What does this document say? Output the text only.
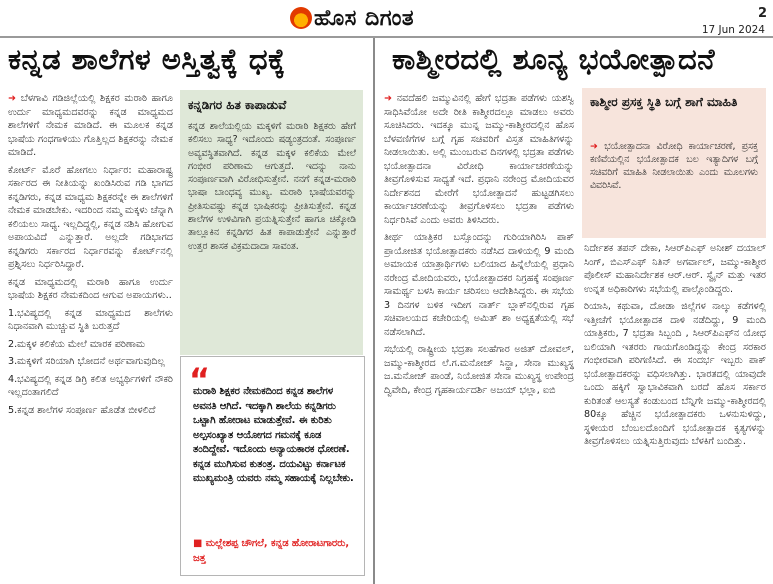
ಹೊಸ ದಿಗಂತ	2
17 Jun 2024
ಕನ್ನಡ ಶಾಲೆಗಳ ಅಸ್ತಿತ್ವಕ್ಕೆ ಧಕ್ಕೆ

➜ ಬೆಳಗಾವಿ ಗಡಿಜಿಲ್ಲೆಯಲ್ಲಿ ಶಿಕ್ಷಕರ ಮರಾಠಿ ಹಾಗೂ ಉರ್ದು ಮಾಧ್ಯಮದವರನ್ನು ಕನ್ನಡ ಮಾಧ್ಯಮದ ಶಾಲೆಗಳಿಗೆ ನೇಮಕ ಮಾಡಿದೆ. ಈ ಮೂಲಕ ಕನ್ನಡ ಭಾಷೆಯ ಗಂಧಗಾಳಿಯು ಗೊತ್ತಿಲ್ಲದ ಶಿಕ್ಷಕರನ್ನು ನೇಮಕ ಮಾಡಿದೆ.

ಕೋರ್ಟ್ ಮೊರೆ ಹೋಗಲು ನಿರ್ಧಾರ: ಮಹಾರಾಷ್ಟ್ರ ಸರ್ಕಾರದ ಈ ನೀತಿಯನ್ನು ಖಂಡಿಸಿರುವ ಗಡಿ ಭಾಗದ ಕನ್ನಡಿಗರು, ಕನ್ನಡ ಮಾಧ್ಯಮ ಶಿಕ್ಷಕರನ್ನೇ ಈ ಶಾಲೆಗಳಿಗೆ ನೇಮಕ ಮಾಡಬೇಕು. ಇದರಿಂದ ನಮ್ಮ ಮಕ್ಕಳು ಚೆನ್ನಾಗಿ ಕಲಿಯಲು ಸಾಧ್ಯ. ಇಲ್ಲದಿದ್ದಲ್ಲಿ, ಕನ್ನಡ ನಶಿಸಿ ಹೋಗುವ ಅಪಾಯವಿದೆ ಎನ್ನುತ್ತಾರೆ. ಅಲ್ಲದೇ ಗಡಿಭಾಗದ ಕನ್ನಡಿಗರು ಸರ್ಕಾರದ ನಿರ್ಧಾರವನ್ನು ಕೋರ್ಟ್‌ನಲ್ಲಿ ಪ್ರಶ್ನಿಸಲು ನಿರ್ಧರಿಸಿದ್ದಾರೆ.

ಕನ್ನಡ ಮಾಧ್ಯಮದಲ್ಲಿ ಮರಾಠಿ ಹಾಗೂ ಉರ್ದು ಭಾಷೆಯ ಶಿಕ್ಷಕರ ನೇಮಕದಿಂದ ಆಗುವ ಅಪಾಯಗಳು..

1.ಭವಿಷ್ಯದಲ್ಲಿ ಕನ್ನಡ ಮಾಧ್ಯಮದ ಶಾಲೆಗಳು ನಿಧಾನವಾಗಿ ಮುಚ್ಚುವ ಸ್ಥಿತಿ ಬರುತ್ತದೆ

2.ಮಕ್ಕಳ ಕಲಿಕೆಯ ಮೇಲೆ ಮಾರಕ ಪರಿಣಾಮ

3.ಮಕ್ಕಳಿಗೆ ಸರಿಯಾಗಿ ಭೋದನೆ ಅರ್ಥವಾಗುವುದಿಲ್ಲ

4.ಭವಿಷ್ಯದಲ್ಲಿ ಕನ್ನಡ ಡಿಗ್ರಿ ಕಲಿತ ಅಭ್ಯರ್ಥಿಗಳಿಗೆ ನೌಕರಿ ಇಲ್ಲದಂತಾಗಲಿದೆ

5.ಕನ್ನಡ ಶಾಲೆಗಳ ಸಂಪೂರ್ಣ ಹೊಡೆತ ಬೀಳಲಿದೆ

ಕನ್ನಡಿಗರ ಹಿತ ಕಾಪಾಡುವೆ
ಕನ್ನಡ ಶಾಲೆಯಲ್ಲಿಯ ಮಕ್ಕಳಿಗೆ ಮರಾಠಿ ಶಿಕ್ಷಕರು ಹೇಗೆ ಕಲಿಸಲು ಸಾಧ್ಯ? ಇದೊಂದು ಷಡ್ಯಂತ್ರದಂತೆ. ಸಂಪೂರ್ಣ ಅವ್ಯವಸ್ಥಿತವಾಗಿದೆ. ಕನ್ನಡ ಮಕ್ಕಳ ಕಲಿಕೆಯ ಮೇಲೆ ಗಂಭೀರ ಪರಿಣಾಮ ಆಗುತ್ತದೆ. ಇದನ್ನು ನಾನು ಸಂಪೂರ್ಣವಾಗಿ ವಿರೋಧಿಸುತ್ತೇನೆ. ನನಗೆ ಕನ್ನಡ-ಮರಾಠಿ ಭಾಷಾ ಬಾಂಧವ್ಯ ಮುಖ್ಯ. ಮರಾಠಿ ಭಾಷೆಯವರನ್ನು ಪ್ರೀತಿಸುವಷ್ಟು ಕನ್ನಡ ಭಾಷಿಕರನ್ನು ಪ್ರೀತಿಸುತ್ತೇನೆ. ಕನ್ನಡ ಶಾಲೆಗಳ ಉಳಿವಿಗಾಗಿ ಪ್ರಯತ್ನಿಸುತ್ತೇನೆ ಹಾಗೂ ಚಿಕ್ಕೋಡಿ ತಾಲ್ಲೂಕಿನ ಕನ್ನಡಿಗರ ಹಿತ ಕಾಪಾಡುತ್ತೇನೆ ಎನ್ನುತ್ತಾರೆ ಉತ್ತರ ಶಾಸಕ ವಿಕ್ರಮದಾದಾ ಸಾವಂತ.
“
ಮರಾಠಿ ಶಿಕ್ಷಕರ ನೇಮಕದಿಂದ ಕನ್ನಡ ಶಾಲೆಗಳ ಅವನತಿ ಆಗಿದೆ. ಇದಕ್ಕಾಗಿ ಶಾಲೆಯ ಕನ್ನಡಿಗರು ಒಟ್ಟಾಗಿ ಹೋರಾಟ ಮಾಡುತ್ತೇವೆ. ಈ ಕುರಿತು ಅಲ್ಪಸಂಖ್ಯಾತ ಆಯೋಗದ ಗಮನಕ್ಕೆ ಕೂಡ ತಂದಿದ್ದೇವೆ. ಇದೊಂದು ಅನ್ಯಾಯಕಾರಕ ಧೋರಣೆ. ಕನ್ನಡ ಮುಗಿಸುವ ಕುತಂತ್ರ. ದಯವಿಟ್ಟು ಕರ್ನಾಟಕ ಮುಖ್ಯಮಂತ್ರಿ ಯವರು ನಮ್ಮ ಸಹಾಯಕ್ಕೆ ನಿಲ್ಲಬೇಕು.
■ ಮಲ್ಲೇಶಪ್ಪ ಚೌಗಲೆ, ಕನ್ನಡ ಹೋರಾಟಗಾರರು, ಜತ್ತ
ಕಾಶ್ಮೀರದಲ್ಲಿ ಶೂನ್ಯ ಭಯೋತ್ಪಾದನೆ

➜ ನವದೆಹಲಿ ಜಮ್ಮುವಿನಲ್ಲಿ ಹೇಗೆ ಭದ್ರತಾ ಪಡೆಗಳು ಯಶಸ್ವಿ ಸಾಧಿಸಿವೆಯೋ ಅದೇ ರೀತಿ ಕಾಶ್ಮೀರದಲ್ಲೂ ಮಾಡಲು ಅವರು ಸೂಚಿಸಿದರು. ಇದಕ್ಕೂ ಮುನ್ನ ಜಮ್ಮು-ಕಾಶ್ಮೀರದಲ್ಲಿನ ಹೊಸ ಬೆಳವಣಿಗೆಗಳ ಬಗ್ಗೆ ಗೃಹ ಸಚಿವರಿಗೆ ವಿಸ್ತತ ಮಾಹಿತಿಗಳನ್ನು ನೀಡಲಾಯಿತು. ಅಲ್ಲಿ ಮುಂಬರುವ ದಿನಗಳಲ್ಲಿ ಭದ್ರತಾ ಪಡೆಗಳು ಭಯೋತ್ಪಾದನಾ ವಿರೋಧಿ ಕಾರ್ಯಾಚರಣೆಯನ್ನು ತೀವ್ರಗೊಳಿಸುವ ಸಾಧ್ಯತೆ ಇದೆ. ಪ್ರಧಾನಿ ನರೇಂದ್ರ ಮೋದಿಯವರ ನಿರ್ದೇಶನದ ಮೇರೆಗೆ ಭಯೋತ್ಪಾದನೆ ಹುಟ್ಟಡಗಿಸಲು ಕಾರ್ಯಾಚರಣೆಯನ್ನು ತೀವ್ರಗೊಳಿಸಲು ಭದ್ರತಾ ಪಡೆಗಳು ನಿರ್ಧರಿಸಿವೆ ಎಂದು ಅವರು ತಿಳಿಸಿದರು.

ತೀರ್ಥ ಯಾತ್ರಿಕರ ಬಸ್ಸೊಂದನ್ನು ಗುರಿಯಾಗಿರಿಸಿ ಪಾಕ್ ಪ್ರಾಯೋಜಿತ ಭಯೋತ್ಪಾದಕರು ನಡೆಸಿದ ದಾಳಿಯಲ್ಲಿ 9 ಮಂದಿ ಅಮಾಯಕ ಯಾತ್ರಾರ್ಥಿಗಳು ಬಲಿಯಾದ ಹಿನ್ನೆಲೆಯಲ್ಲಿ ಪ್ರಧಾನಿ ನರೇಂದ್ರ ಮೋದಿಯವರು, ಭಯೋತ್ಪಾದಕರ ನಿಗ್ರಹಕ್ಕೆ ಸಂಪೂರ್ಣ ಸಾಮರ್ಥ್ಯ ಬಳಸಿ ಕಾರ್ಯ ಚರಿಸಲು ಆದೇಶಿಸಿದ್ದರು. ಈ ಸಭೆಯ 3 ದಿನಗಳ ಬಳಿಕ ಇದೀಗ ನಾರ್ತ್ ಬ್ಲಾಕ್‌ನಲ್ಲಿರುವ ಗೃಹ ಸಚಿವಾಲಯದ ಕಚೇರಿಯಲ್ಲಿ ಅಮಿತ್ ಶಾ ಅಧ್ಯಕ್ಷತೆಯಲ್ಲಿ ಸಭೆ ನಡೆಸಲಾಗಿದೆ.

ಸಭೆಯಲ್ಲಿ ರಾಷ್ಟ್ರೀಯ ಭದ್ರತಾ ಸಲಹೆಗಾರ ಅಜಿತ್ ದೋವಲ್, ಜಮ್ಮು-ಕಾಶ್ಮೀರದ ಲೆ.ಗ.ಮನೋಜ್ ಸಿನ್ಹಾ, ಸೇನಾ ಮುಖ್ಯಸ್ಥ ಜ.ಮನೋಜ್ ಪಾಂಡೆ, ನಿಯೋಜಿತ ಸೇನಾ ಮುಖ್ಯಸ್ಥ ಉಪೇಂದ್ರ ದ್ವಿವೇದಿ, ಕೇಂದ್ರ ಗೃಹಕಾರ್ಯದರ್ಶಿ ಅಜಯ್ ಭಲ್ಲಾ, ಐಬಿ

ಕಾಶ್ಮೀರ ಪ್ರಸಕ್ತ ಸ್ಥಿತಿ ಬಗ್ಗೆ ಶಾಗೆ ಮಾಹಿತಿ
➜ ಭಯೋತ್ಪಾದನಾ ವಿರೋಧಿ ಕಾರ್ಯಾಚರಣೆ, ಪ್ರಸಕ್ತ ಕಣಿವೆಯಲ್ಲಿನ ಭಯೋತ್ಪಾದಕ ಬಲ ಇತ್ಯಾದಿಗಳ ಬಗ್ಗೆ ಸಚಿವರಿಗೆ ಮಾಹಿತಿ ನೀಡಲಾಯಿತು ಎಂದು ಮೂಲಗಳು ವಿವರಿಸಿವೆ.

ನಿರ್ದೇಶಕ ತಪನ್ ದೇಕಾ, ಸಿಆರ್‌ಪಿಎಫ್ ಅನೀಶ್ ದಯಾಲ್ ಸಿಂಗ್, ಬಿಎಸ್‌ಎಫ್ ನಿತಿನ್ ಅಗರ್ವಾಲ್, ಜಮ್ಮು-ಕಾಶ್ಮೀರ ಪೊಲೀಸ್ ಮಹಾನಿರ್ದೇಶಕ ಆರ್.ಆರ್. ಸ್ವೈನ್ ಮತ್ತು ಇತರ ಉನ್ನತ ಅಧಿಕಾರಿಗಳು ಸಭೆಯಲ್ಲಿ ಪಾಲ್ಗೊಂಡಿದ್ದರು.

ರಿಯಾಸಿ, ಕಥುವಾ, ದೋಡಾ ಜಿಲ್ಲೆಗಳ ನಾಲ್ಕು ಕಡೆಗಳಲ್ಲಿ ಇತ್ತೀಚೆಗೆ ಭಯೋತ್ಪಾದಕ ದಾಳಿ ನಡೆದಿದ್ದು, 9 ಮಂದಿ ಯಾತ್ರಿಕರು, 7 ಭದ್ರತಾ ಸಿಬ್ಬಂದಿ , ಸಿಆರ್‌ಪಿಎಫ್‌ನ ಯೋಧ ಬಲಿಯಾಗಿ ಇತರರು ಗಾಯಗೊಂಡಿದ್ದನ್ನು ಕೇಂದ್ರ ಸರಕಾರ ಗಂಭೀರವಾಗಿ ಪರಿಗಣಿಸಿದೆ. ಈ ಸಂದರ್ಭ ಇಬ್ಬರು ಪಾಕ್ ಭಯೋತ್ಪಾದಕರನ್ನು ವಧಿಸಲಾಗಿತ್ತು. ಭಾರತದಲ್ಲಿ ಯಾವುದೇ ಒಂದು ಹಕ್ಕಿಗೆ ಸ್ವಾಭಾವಿಕವಾಗಿ ಬರದೆ ಹೊಸ ಸರ್ಕಾರ ಕುರಿತಂತೆ ಆಲಸ್ಯತೆ ಕಂಡುಬಂದ ಬೆನ್ನಿಗೇ ಜಮ್ಮು-ಕಾಶ್ಮೀರದಲ್ಲಿ 80ಕ್ಕೂ ಹೆಚ್ಚಿನ ಭಯೋತ್ಪಾದಕರು ಒಳನುಸುಳಿದ್ದು, ಸ್ಥಳೀಯರ ಬೆಂಬಲದೊಂದಿಗೆ ಭಯೋತ್ಪಾದಕ ಕೃತ್ಯಗಳನ್ನು ತೀವ್ರಗೊಳಿಸಲು ಯತ್ನಿಸುತ್ತಿರುವುದು ಬೆಳಕಿಗೆ ಬಂದಿತ್ತು.
